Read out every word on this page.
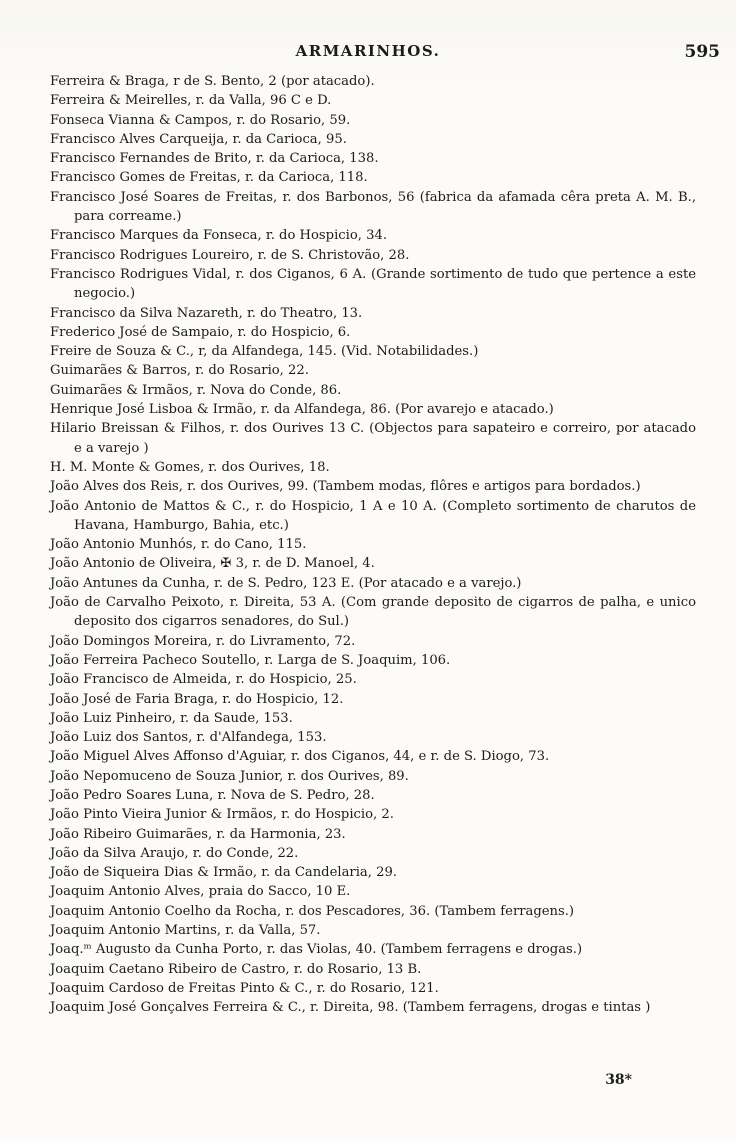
ARMARINHOS.	595
Ferreira & Braga, r de S. Bento, 2 (por atacado).
Ferreira & Meirelles, r. da Valla, 96 C e D.
Fonseca Vianna & Campos, r. do Rosario, 59.
Francisco Alves Carqueija, r. da Carioca, 95.
Francisco Fernandes de Brito, r. da Carioca, 138.
Francisco Gomes de Freitas, r. da Carioca, 118.
Francisco José Soares de Freitas, r. dos Barbonos, 56 (fabrica da afamada cêra preta A. M. B., para correame.)
Francisco Marques da Fonseca, r. do Hospicio, 34.
Francisco Rodrigues Loureiro, r. de S. Christovão, 28.
Francisco Rodrigues Vidal, r. dos Ciganos, 6 A. (Grande sortimento de tudo que pertence a este negocio.)
Francisco da Silva Nazareth, r. do Theatro, 13.
Frederico José de Sampaio, r. do Hospicio, 6.
Freire de Souza & C., r, da Alfandega, 145. (Vid. Notabilidades.)
Guimarães & Barros, r. do Rosario, 22.
Guimarães & Irmãos, r. Nova do Conde, 86.
Henrique José Lisboa & Irmão, r. da Alfandega, 86. (Por avarejo e atacado.)
Hilario Breissan & Filhos, r. dos Ourives 13 C. (Objectos para sapateiro e correiro, por atacado e a varejo )
H. M. Monte & Gomes, r. dos Ourives, 18.
João Alves dos Reis, r. dos Ourives, 99. (Tambem modas, flôres e artigos para bordados.)
João Antonio de Mattos & C., r. do Hospicio, 1 A e 10 A. (Completo sortimento de charutos de Havana, Hamburgo, Bahia, etc.)
João Antonio Munhós, r. do Cano, 115.
João Antonio de Oliveira, ✠ 3, r. de D. Manoel, 4.
João Antunes da Cunha, r. de S. Pedro, 123 E. (Por atacado e a varejo.)
João de Carvalho Peixoto, r. Direita, 53 A. (Com grande deposito de cigarros de palha, e unico deposito dos cigarros senadores, do Sul.)
João Domingos Moreira, r. do Livramento, 72.
João Ferreira Pacheco Soutello, r. Larga de S. Joaquim, 106.
João Francisco de Almeida, r. do Hospicio, 25.
João José de Faria Braga, r. do Hospicio, 12.
João Luiz Pinheiro, r. da Saude, 153.
João Luiz dos Santos, r. d'Alfandega, 153.
João Miguel Alves Affonso d'Aguiar, r. dos Ciganos, 44, e r. de S. Diogo, 73.
João Nepomuceno de Souza Junior, r. dos Ourives, 89.
João Pedro Soares Luna, r. Nova de S. Pedro, 28.
João Pinto Vieira Junior & Irmãos, r. do Hospicio, 2.
João Ribeiro Guimarães, r. da Harmonia, 23.
João da Silva Araujo, r. do Conde, 22.
João de Siqueira Dias & Irmão, r. da Candelaria, 29.
Joaquim Antonio Alves, praia do Sacco, 10 E.
Joaquim Antonio Coelho da Rocha, r. dos Pescadores, 36. (Tambem ferragens.)
Joaquim Antonio Martins, r. da Valla, 57.
Joaq.ᵐ Augusto da Cunha Porto, r. das Violas, 40. (Tambem ferragens e drogas.)
Joaquim Caetano Ribeiro de Castro, r. do Rosario, 13 B.
Joaquim Cardoso de Freitas Pinto & C., r. do Rosario, 121.
Joaquim José Gonçalves Ferreira & C., r. Direita, 98. (Tambem ferragens, drogas e tintas )
38*
